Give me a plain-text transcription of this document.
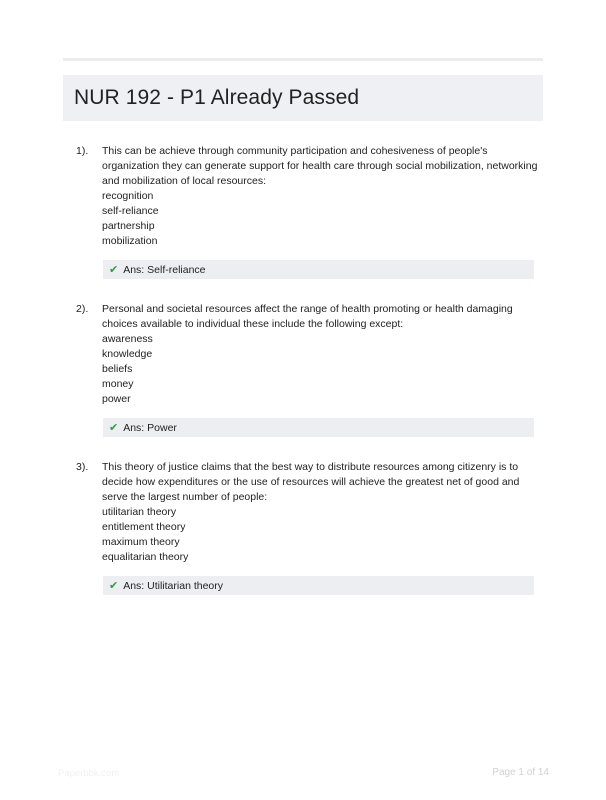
NUR 192 - P1 Already Passed
1). This can be achieve through community participation and cohesiveness of people's organization they can generate support for health care through social mobilization, networking and mobilization of local resources:

recognition
self-reliance
partnership
mobilization
✔ Ans: Self-reliance
2). Personal and societal resources affect the range of health promoting or health damaging choices available to individual these include the following except:

awareness
knowledge
beliefs
money
power
✔ Ans: Power
3). This theory of justice claims that the best way to distribute resources among citizenry is to decide how expenditures or the use of resources will achieve the greatest net of good and serve the largest number of people:

utilitarian theory
entitlement theory
maximum theory
equalitarian theory
✔ Ans: Utilitarian theory
Paperbbk.com	Page 1 of 14
